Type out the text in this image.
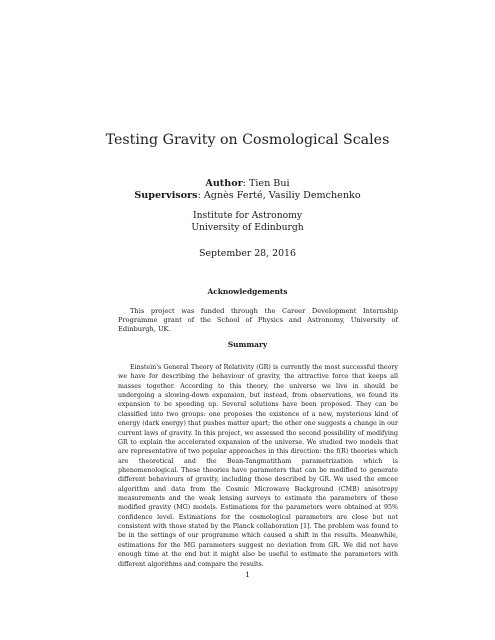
Testing Gravity on Cosmological Scales
Author: Tien Bui
Supervisors: Agnès Ferté, Vasiliy Demchenko
Institute for Astronomy
University of Edinburgh
September 28, 2016
Acknowledgements
This project was funded through the Career Development Internship Programme grant of the School of Physics and Astronomy, University of Edinburgh, UK.
Summary
Einstein's General Theory of Relativity (GR) is currently the most successful theory we have for describing the behaviour of gravity, the attractive force that keeps all masses together. According to this theory, the universe we live in should be undergoing a slowing-down expansion, but instead, from observations, we found its expansion to be speeding up. Several solutions have been proposed. They can be classified into two groups: one proposes the existence of a new, mysterious kind of energy (dark energy) that pushes matter apart; the other one suggests a change in our current laws of gravity. In this project, we assessed the second possibility of modifying GR to explain the accelerated expansion of the universe. We studied two models that are representative of two popular approaches in this direction: the f(R) theories which are theoretical and the Bean-Tangmatitham parametrization which is phenomenological. These theories have parameters that can be modified to generate different behaviours of gravity, including those described by GR. We used the emcee algorithm and data from the Cosmic Microwave Background (CMB) anisotropy measurements and the weak lensing surveys to estimate the parameters of these modified gravity (MG) models. Estimations for the parameters were obtained at 95% confidence level. Estimations for the cosmological parameters are close but not consistent with those stated by the Planck collaboration [1]. The problem was found to be in the settings of our programme which caused a shift in the results. Meanwhile, estimations for the MG parameters suggest no deviation from GR. We did not have enough time at the end but it might also be useful to estimate the parameters with different algorithms and compare the results.
1
